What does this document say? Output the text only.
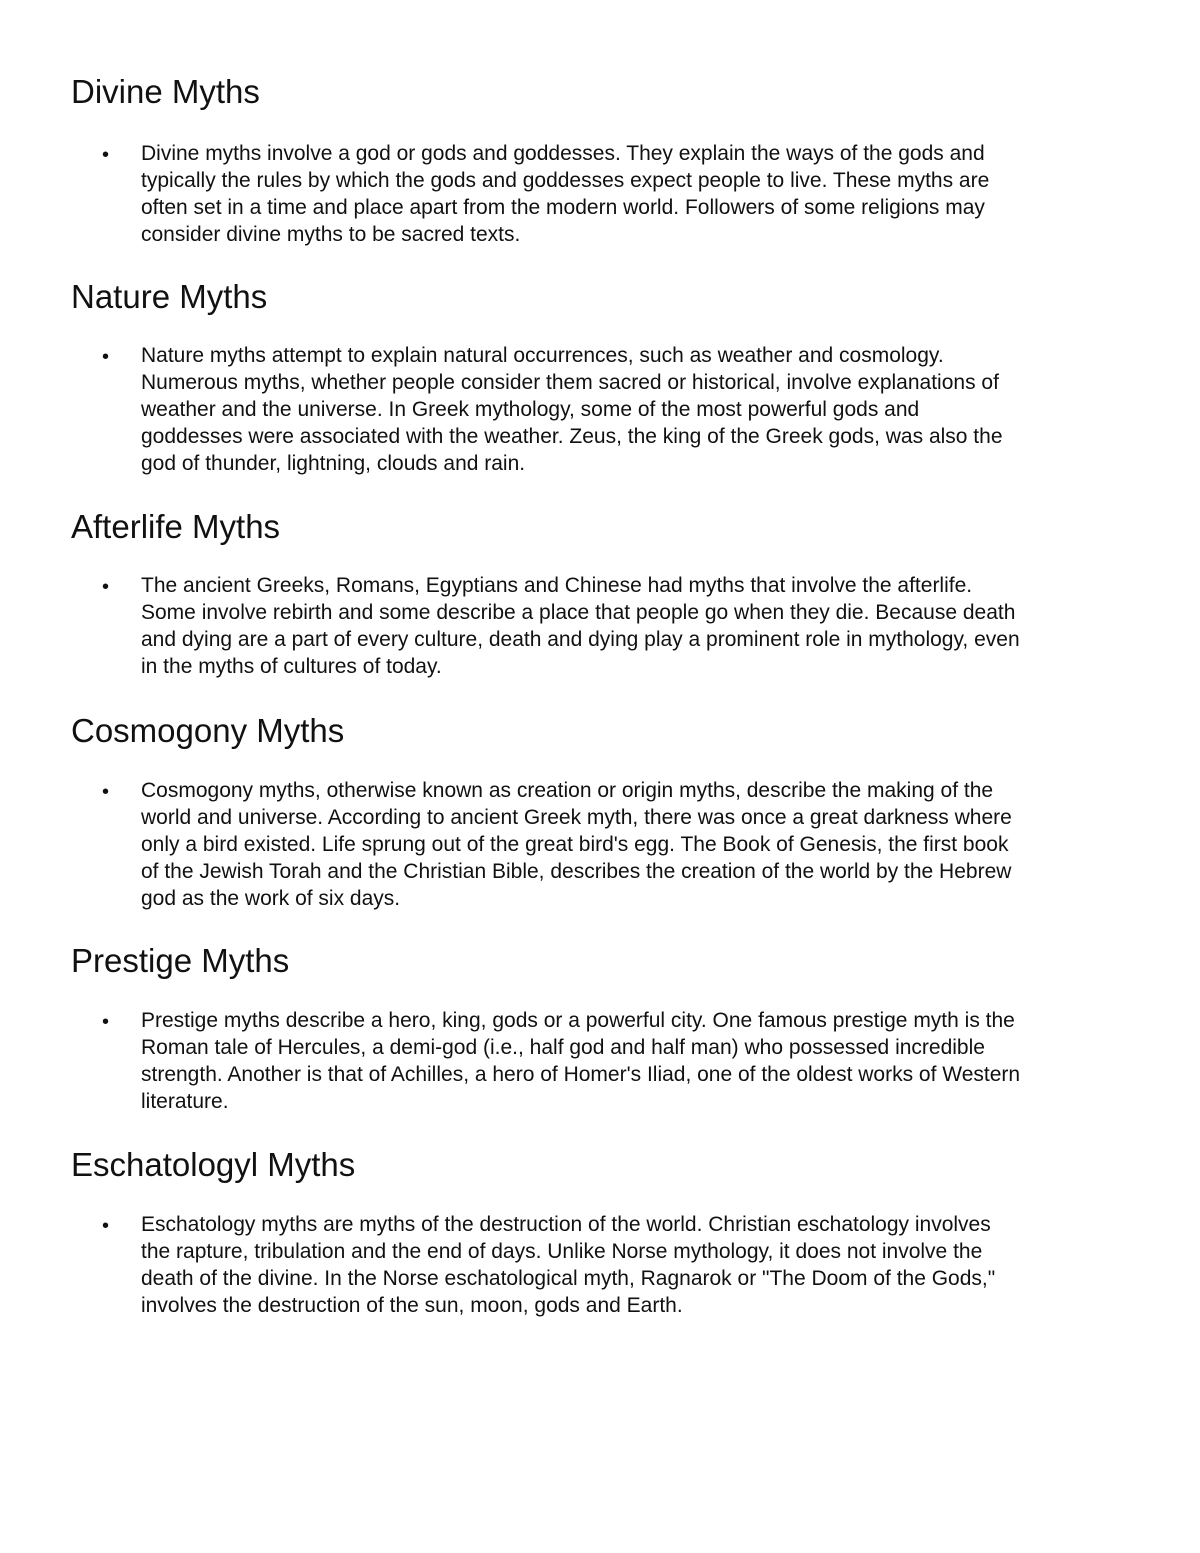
Divine Myths
• Divine myths involve a god or gods and goddesses. They explain the ways of the gods and
typically the rules by which the gods and goddesses expect people to live. These myths are
often set in a time and place apart from the modern world. Followers of some religions may
consider divine myths to be sacred texts.

Nature Myths
• Nature myths attempt to explain natural occurrences, such as weather and cosmology.
Numerous myths, whether people consider them sacred or historical, involve explanations of
weather and the universe. In Greek mythology, some of the most powerful gods and
goddesses were associated with the weather. Zeus, the king of the Greek gods, was also the
god of thunder, lightning, clouds and rain.

Afterlife Myths
• The ancient Greeks, Romans, Egyptians and Chinese had myths that involve the afterlife.
Some involve rebirth and some describe a place that people go when they die. Because death
and dying are a part of every culture, death and dying play a prominent role in mythology, even
in the myths of cultures of today.

Cosmogony Myths
• Cosmogony myths, otherwise known as creation or origin myths, describe the making of the
world and universe. According to ancient Greek myth, there was once a great darkness where
only a bird existed. Life sprung out of the great bird's egg. The Book of Genesis, the first book
of the Jewish Torah and the Christian Bible, describes the creation of the world by the Hebrew
god as the work of six days.

Prestige Myths
• Prestige myths describe a hero, king, gods or a powerful city. One famous prestige myth is the
Roman tale of Hercules, a demi-god (i.e., half god and half man) who possessed incredible
strength. Another is that of Achilles, a hero of Homer's Iliad, one of the oldest works of Western
literature.

Eschatologyl Myths
• Eschatology myths are myths of the destruction of the world. Christian eschatology involves
the rapture, tribulation and the end of days. Unlike Norse mythology, it does not involve the
death of the divine. In the Norse eschatological myth, Ragnarok or "The Doom of the Gods,"
involves the destruction of the sun, moon, gods and Earth.
